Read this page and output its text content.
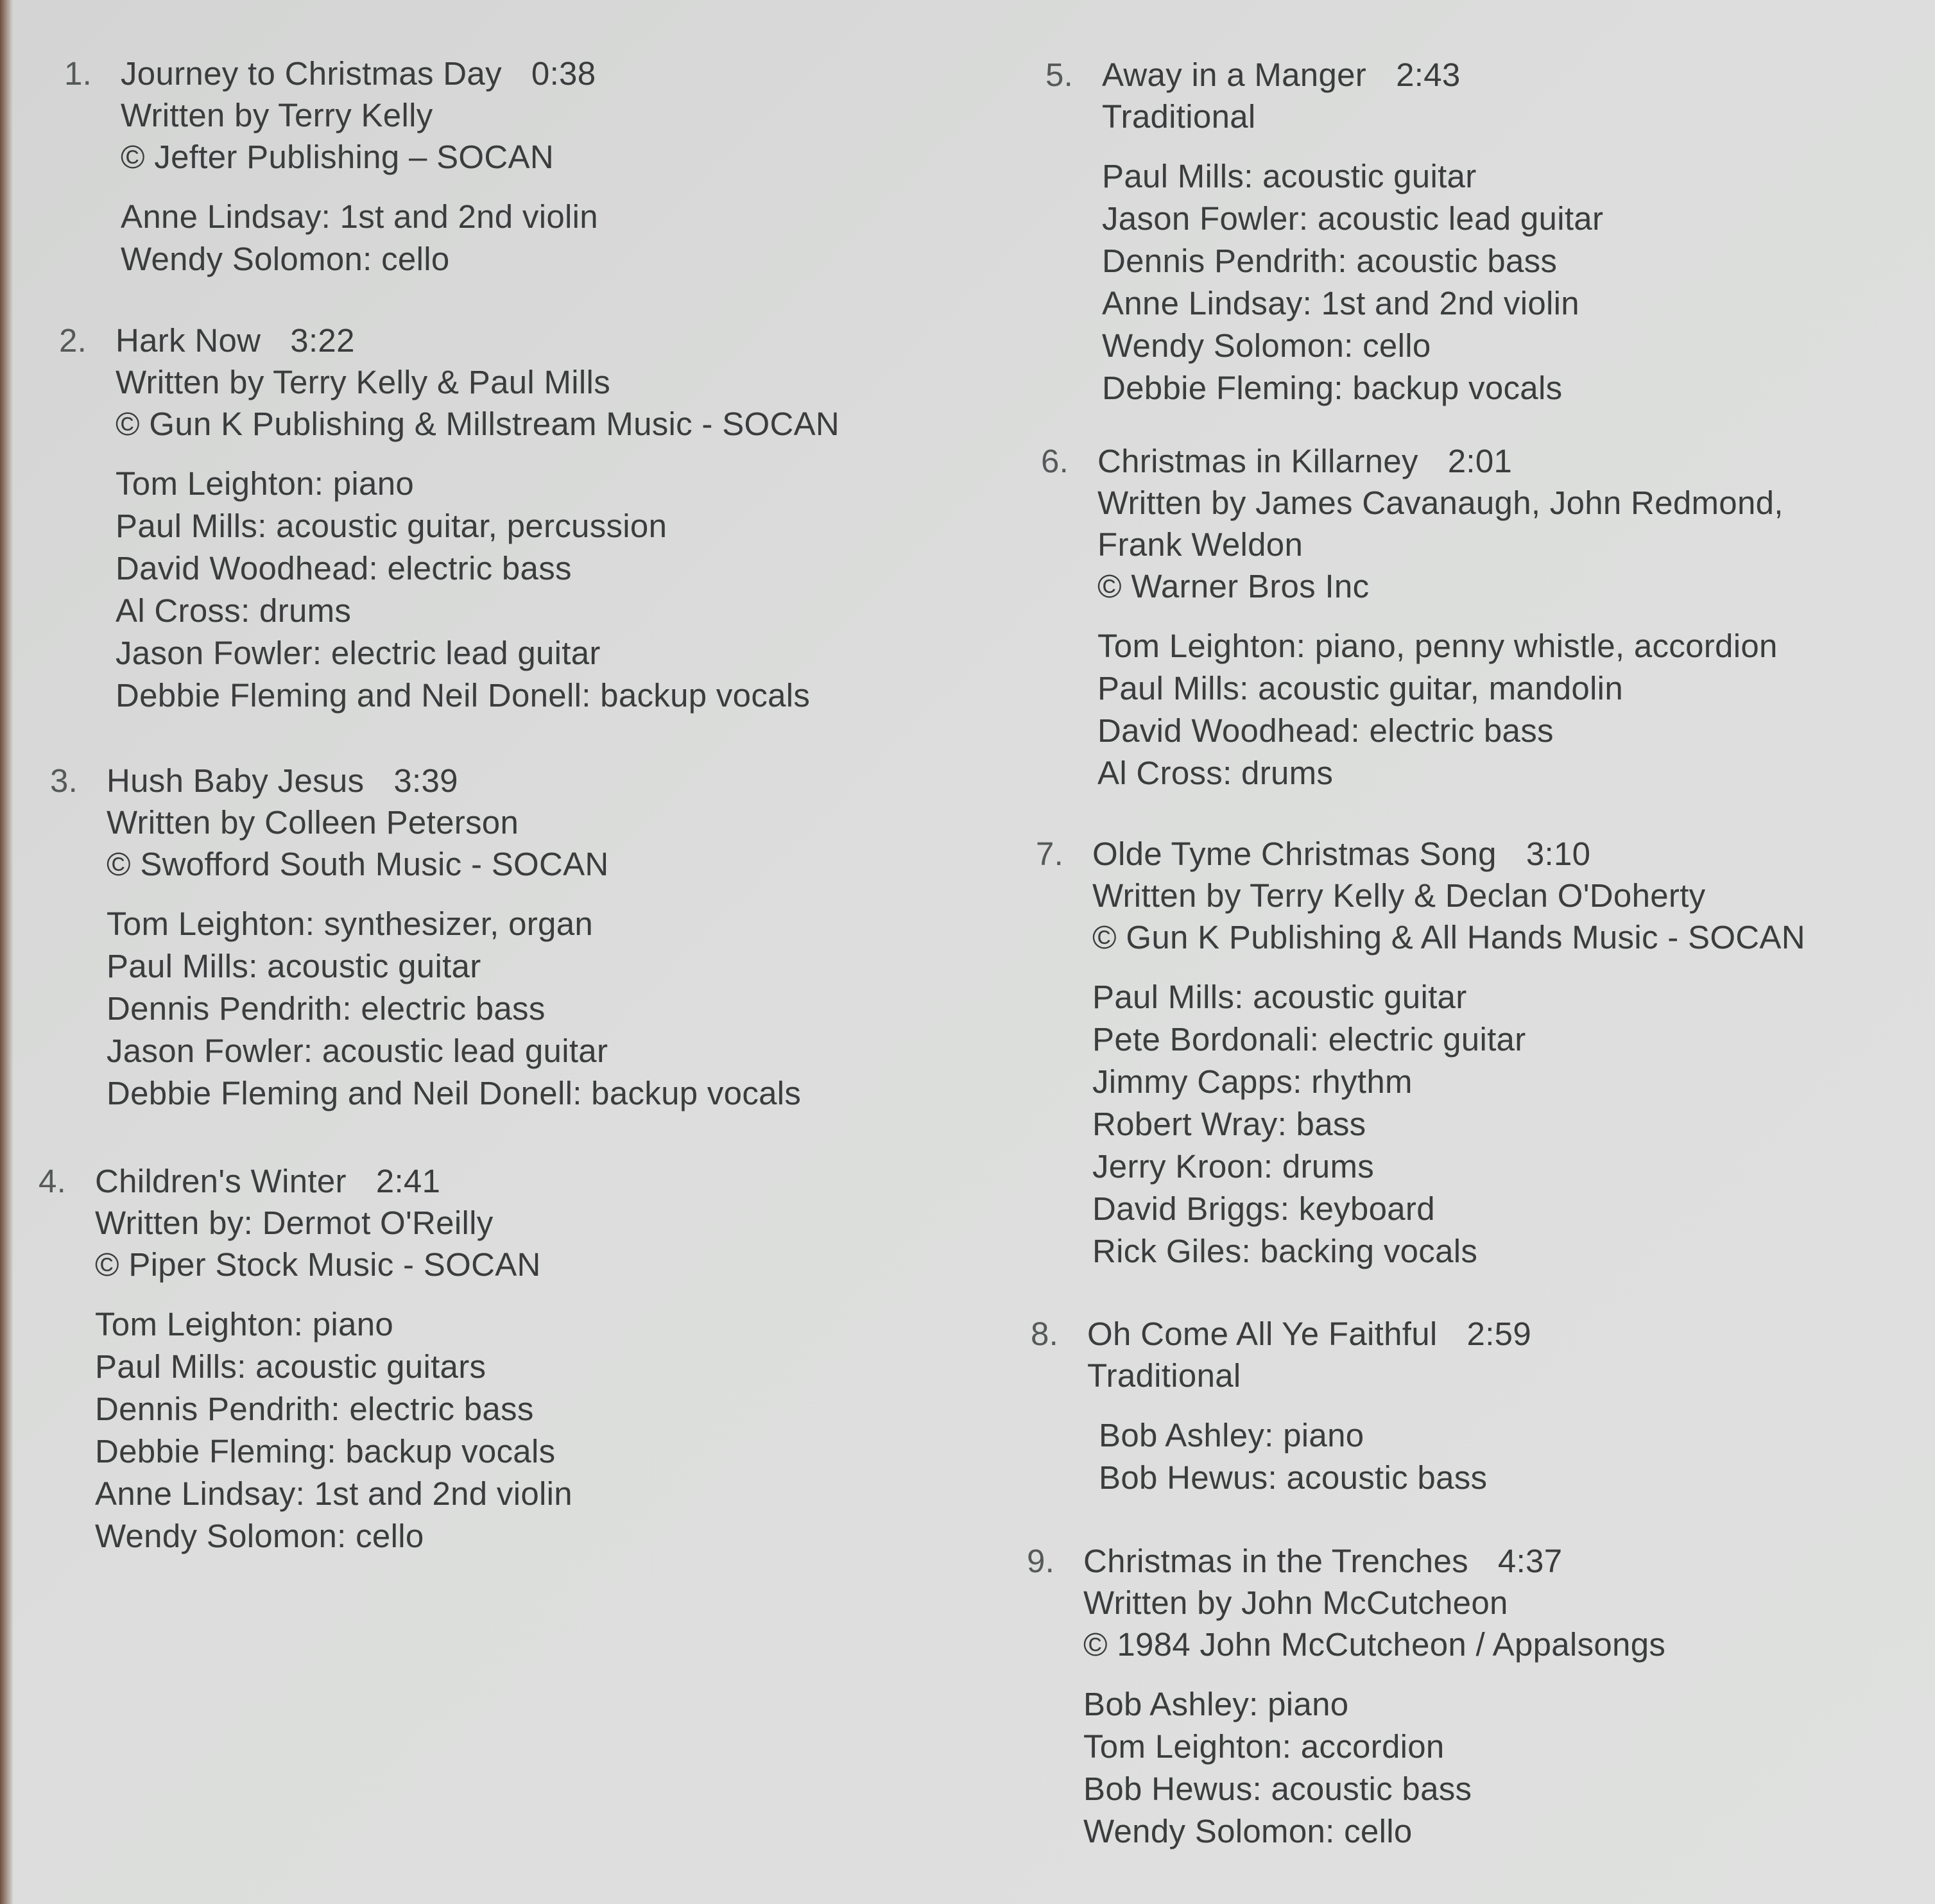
1. Journey to Christmas Day 0:38
Written by Terry Kelly
© Jefter Publishing – SOCAN
Anne Lindsay: 1st and 2nd violin
Wendy Solomon: cello
2. Hark Now 3:22
Written by Terry Kelly & Paul Mills
© Gun K Publishing & Millstream Music - SOCAN
Tom Leighton: piano
Paul Mills: acoustic guitar, percussion
David Woodhead: electric bass
Al Cross: drums
Jason Fowler: electric lead guitar
Debbie Fleming and Neil Donell: backup vocals
3. Hush Baby Jesus 3:39
Written by Colleen Peterson
© Swofford South Music - SOCAN
Tom Leighton: synthesizer, organ
Paul Mills: acoustic guitar
Dennis Pendrith: electric bass
Jason Fowler: acoustic lead guitar
Debbie Fleming and Neil Donell: backup vocals
4. Children's Winter 2:41
Written by: Dermot O'Reilly
© Piper Stock Music - SOCAN
Tom Leighton: piano
Paul Mills: acoustic guitars
Dennis Pendrith: electric bass
Debbie Fleming: backup vocals
Anne Lindsay: 1st and 2nd violin
Wendy Solomon: cello
5. Away in a Manger 2:43
Traditional
Paul Mills: acoustic guitar
Jason Fowler: acoustic lead guitar
Dennis Pendrith: acoustic bass
Anne Lindsay: 1st and 2nd violin
Wendy Solomon: cello
Debbie Fleming: backup vocals
6. Christmas in Killarney 2:01
Written by James Cavanaugh, John Redmond,
Frank Weldon
© Warner Bros Inc
Tom Leighton: piano, penny whistle, accordion
Paul Mills: acoustic guitar, mandolin
David Woodhead: electric bass
Al Cross: drums
7. Olde Tyme Christmas Song 3:10
Written by Terry Kelly & Declan O'Doherty
© Gun K Publishing & All Hands Music - SOCAN
Paul Mills: acoustic guitar
Pete Bordonali: electric guitar
Jimmy Capps: rhythm
Robert Wray: bass
Jerry Kroon: drums
David Briggs: keyboard
Rick Giles: backing vocals
8. Oh Come All Ye Faithful 2:59
Traditional
Bob Ashley: piano
Bob Hewus: acoustic bass
9. Christmas in the Trenches 4:37
Written by John McCutcheon
© 1984 John McCutcheon / Appalsongs
Bob Ashley: piano
Tom Leighton: accordion
Bob Hewus: acoustic bass
Wendy Solomon: cello
